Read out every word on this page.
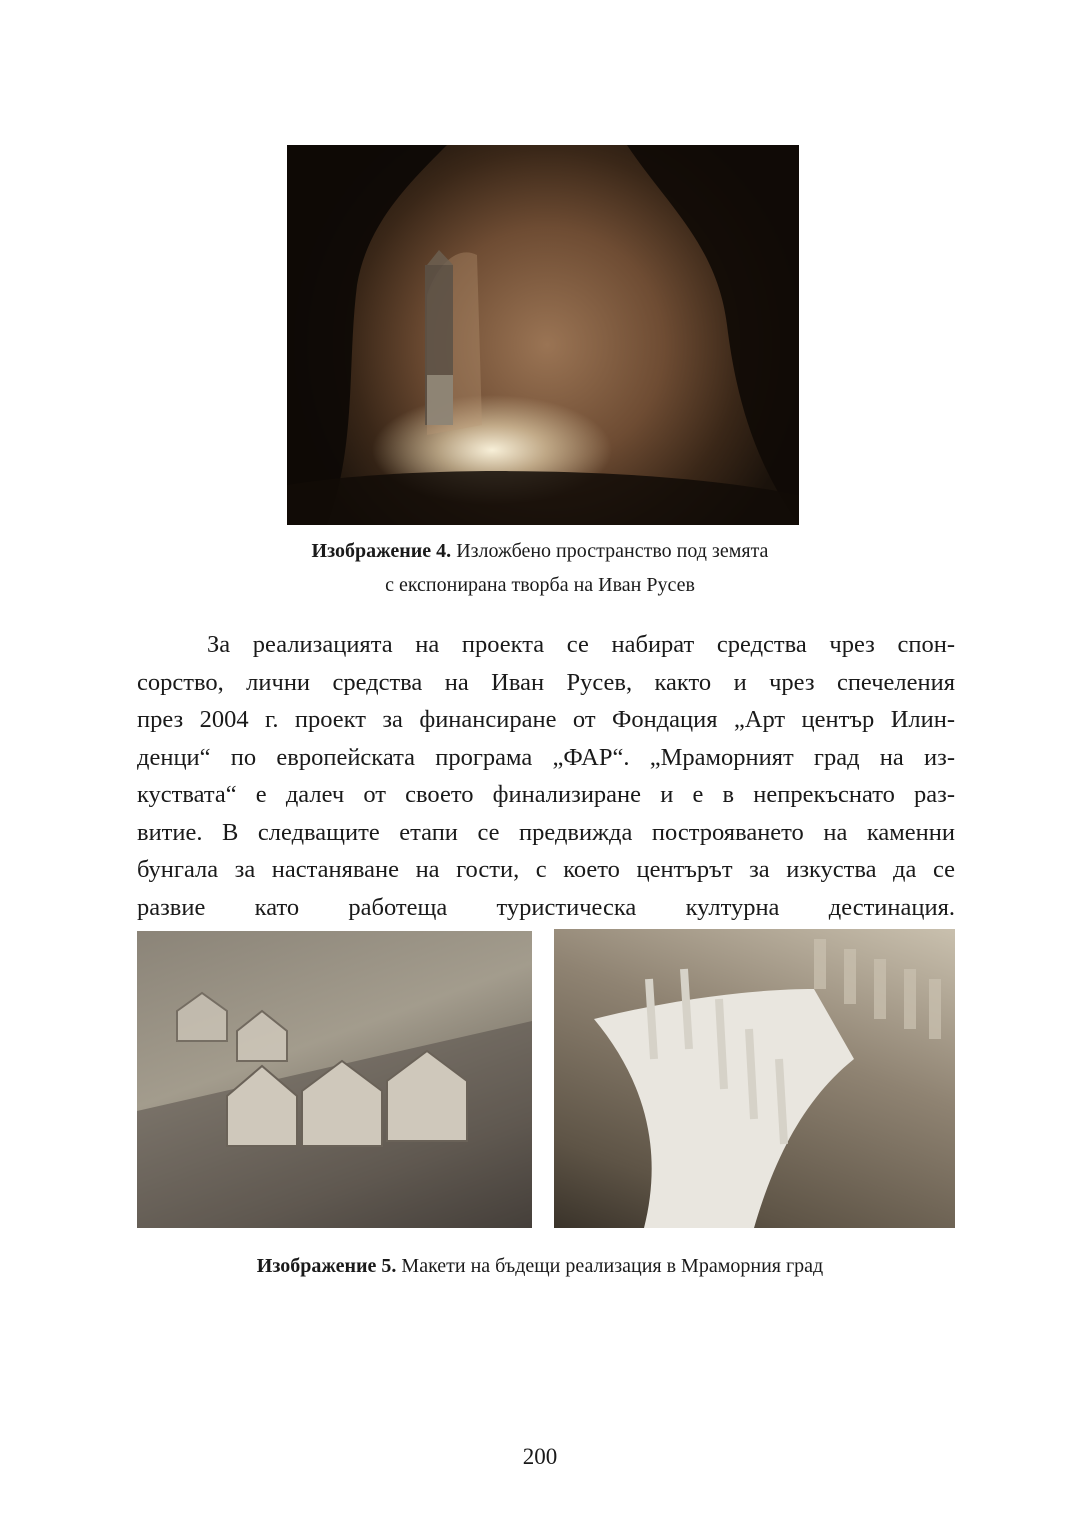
Изображение 4. Изложбено пространство под земята

с експонирана творба на Иван Русев

За реализацията на проекта се набират средства чрез спон-
сорство, лични средства на Иван Русев, както и чрез спечеления
през 2004 г. проект за финансиране от Фондация „Арт център Илин-
денци“ по европейската програма „ФАР“. „Мраморният град на из-
куствата“ е далеч от своето финализиране и е в непрекъснато раз-
витие. В следващите етапи се предвижда построяването на каменни
бунгала за настаняване на гости, с което центърът за изкуства да се
развие като работеща туристическа културна дестинация.

Изображение 5. Макети на бъдещи реализация в Мраморния град

200
